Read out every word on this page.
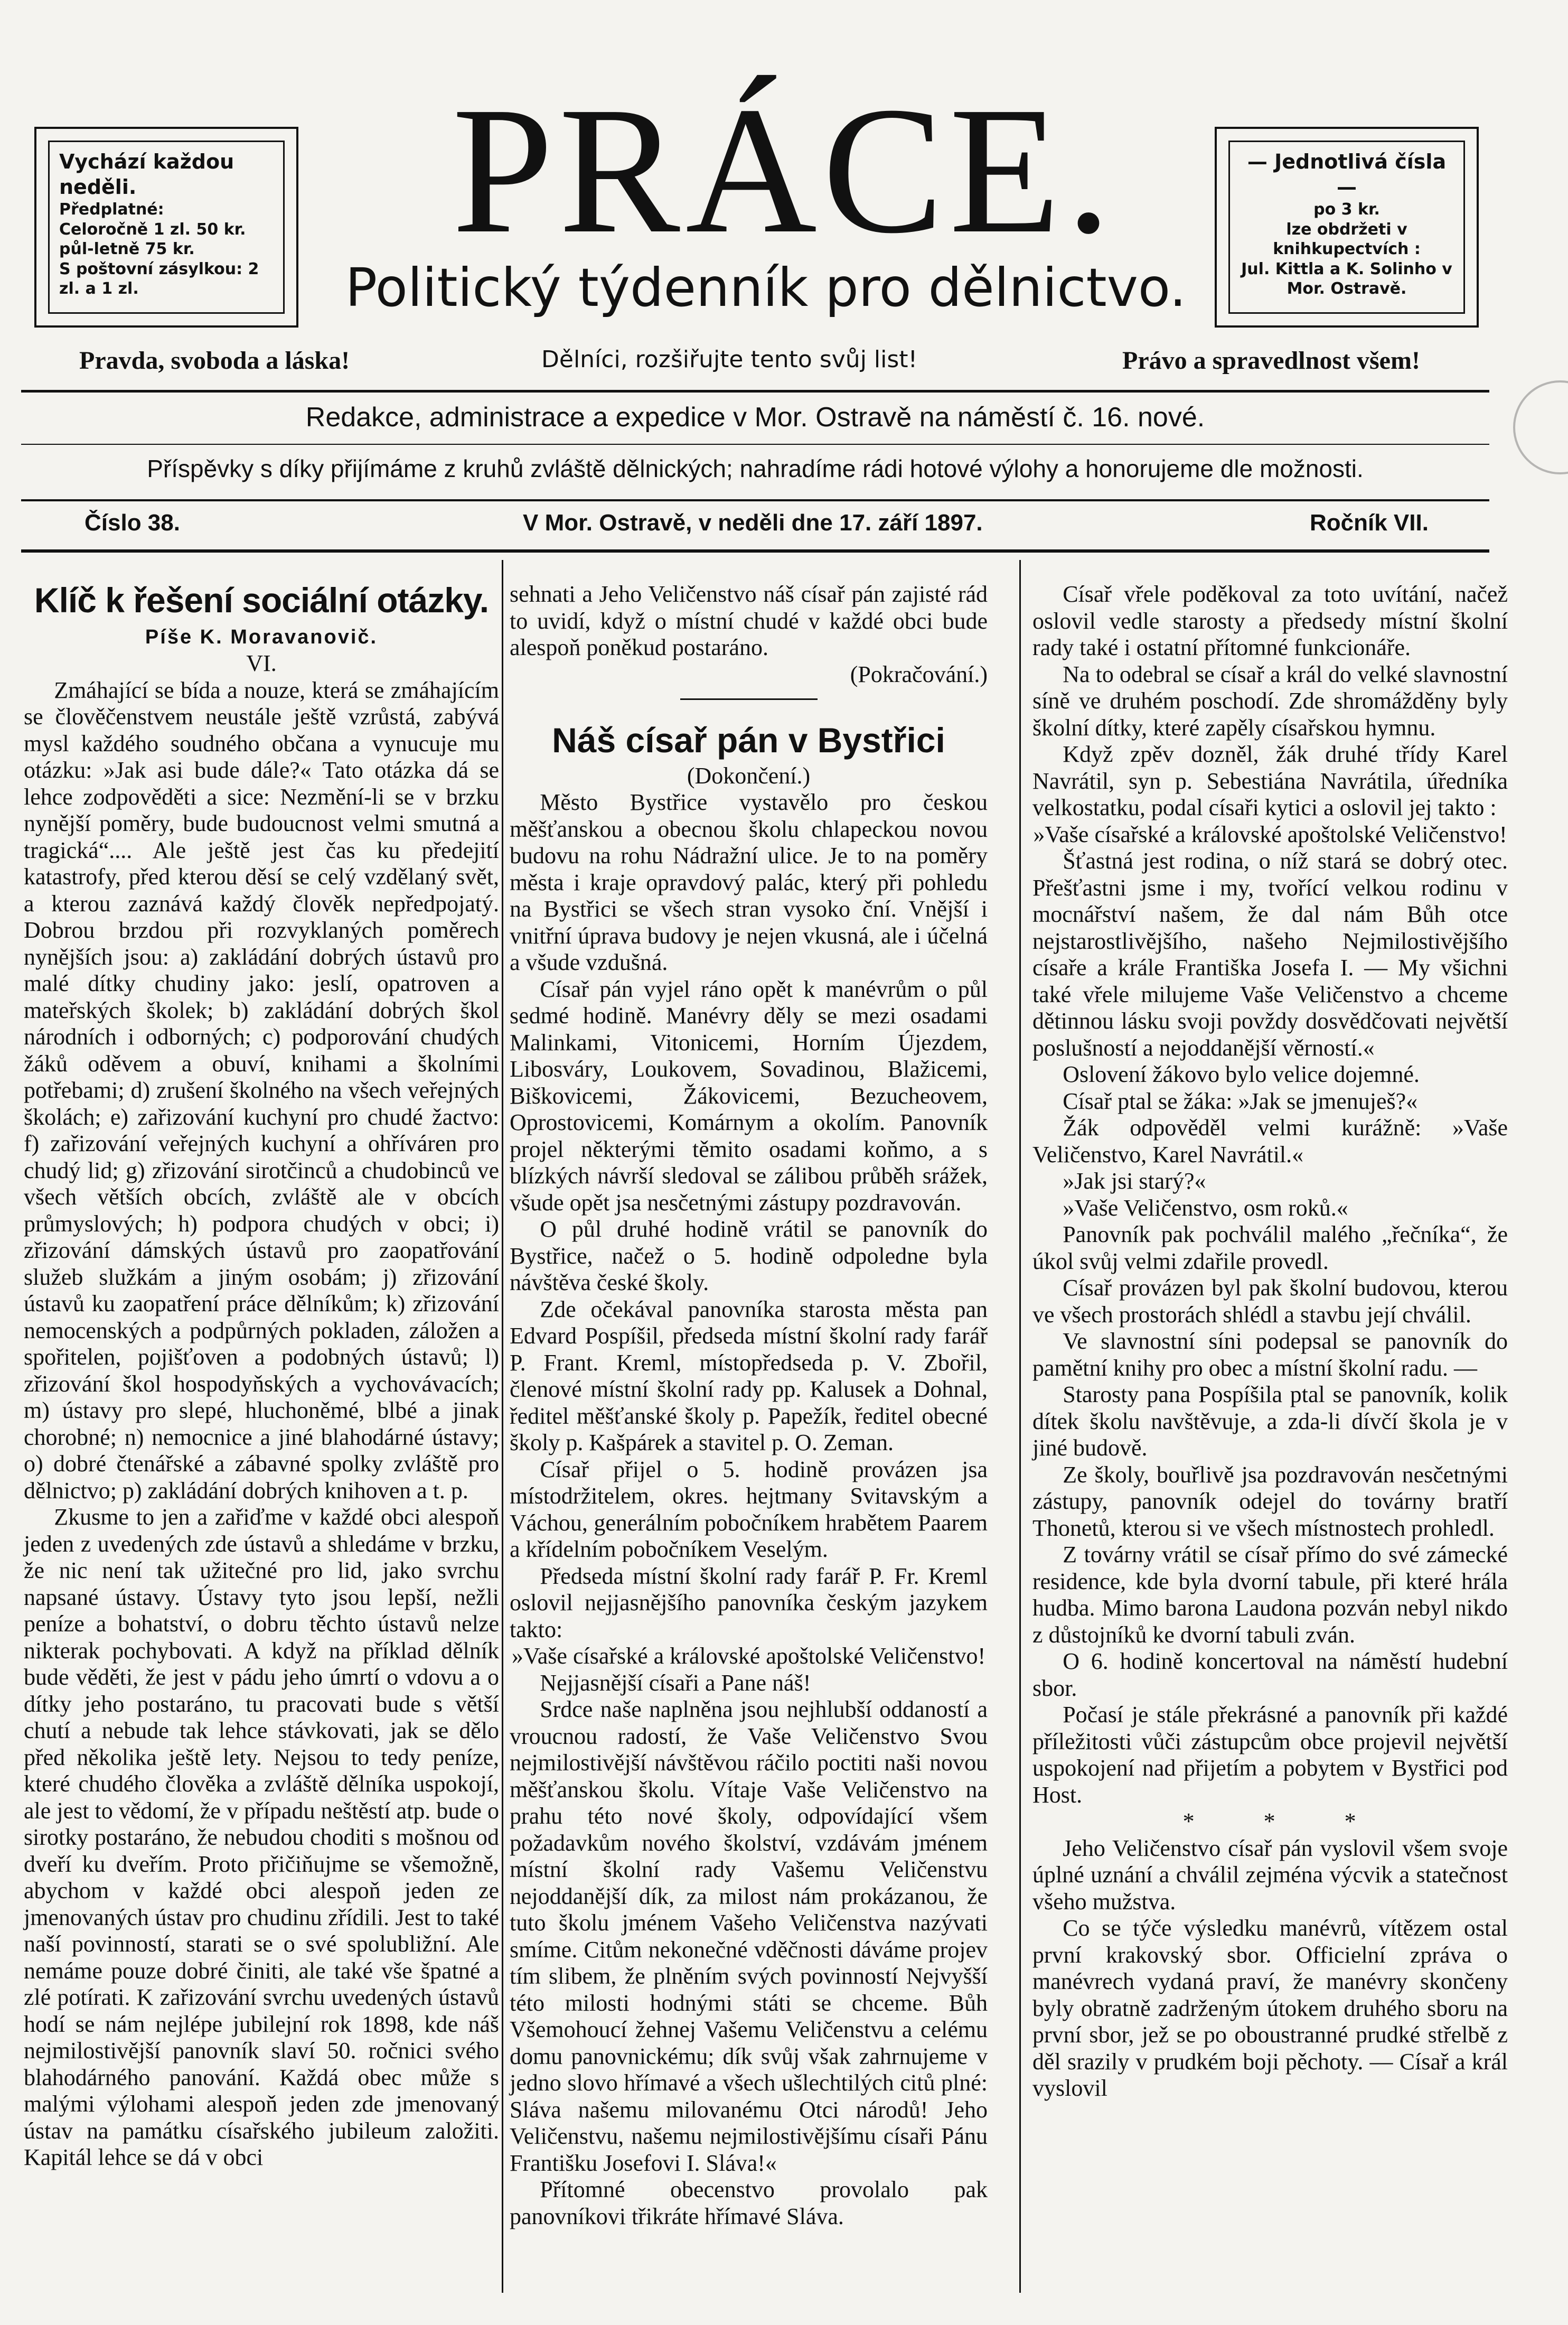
Vychází každou neděli.
Předplatné:
Celoročně 1 zl. 50 kr. půl-letně 75 kr.
S poštovní zásylkou: 2 zl. a 1 zl.
PRÁCE.
Politický týdenník pro dělnictvo.
— Jednotlivá čísla —
po 3 kr.
lze obdržeti v knihkupectvích :
Jul. Kittla a K. Solinho v Mor. Ostravě.
Pravda, svoboda a láska!	Dělníci, rozšiřujte tento svůj list!	Právo a spravedlnost všem!
Redakce, administrace a expedice v Mor. Ostravě na náměstí č. 16. nové.
Příspěvky s díky přijímáme z kruhů zvláště dělnických; nahradíme rádi hotové výlohy a honorujeme dle možnosti.
Číslo 38.	V Mor. Ostravě, v neděli dne 17. září 1897.	Ročník VII.
Klíč k řešení sociální otázky.
Píše K. Moravanovič.
VI.

Zmáhající se bída a nouze, která se zmáhajícím se člověčenstvem neustále ještě vzrůstá, zabývá mysl každého soudného občana a vynucuje mu otázku: »Jak asi bude dále?« Tato otázka dá se lehce zodpověděti a sice: Nezmění-li se v brzku nynější poměry, bude budoucnost velmi smutná a tragická“.... Ale ještě jest čas ku předejití katastrofy, před kterou děsí se celý vzdělaný svět, a kterou zaznává každý člověk nepředpojatý. Dobrou brzdou při rozvyklaných poměrech nynějších jsou: a) zakládání dobrých ústavů pro malé dítky chudiny jako: jeslí, opatroven a mateřských školek; b) zakládání dobrých škol národních i odborných; c) podporování chudých žáků oděvem a obuví, knihami a školními potřebami; d) zrušení školného na všech veřejných školách; e) zařizování kuchyní pro chudé žactvo: f) zařizování veřejných kuchyní a ohříváren pro chudý lid; g) zřizování sirotčinců a chudobinců ve všech větších obcích, zvláště ale v obcích průmyslových; h) podpora chudých v obci; i) zřizování dámských ústavů pro zaopatřování služeb služkám a jiným osobám; j) zřizování ústavů ku zaopatření práce dělníkům; k) zřizování nemocenských a podpůrných pokladen, záložen a spořitelen, pojišťoven a podobných ústavů; l) zřizování škol hospodyňských a vychovávacích; m) ústavy pro slepé, hluchoněmé, blbé a jinak chorobné; n) nemocnice a jiné blahodárné ústavy; o) dobré čtenářské a zábavné spolky zvláště pro dělnictvo; p) zakládání dobrých knihoven a t. p.

Zkusme to jen a zařiďme v každé obci alespoň jeden z uvedených zde ústavů a shledáme v brzku, že nic není tak užitečné pro lid, jako svrchu napsané ústavy. Ústavy tyto jsou lepší, nežli peníze a bohatství, o dobru těchto ústavů nelze nikterak pochybovati. A když na příklad dělník bude věděti, že jest v pádu jeho úmrtí o vdovu a o dítky jeho postaráno, tu pracovati bude s větší chutí a nebude tak lehce stávkovati, jak se dělo před několika ještě lety. Nejsou to tedy peníze, které chudého člověka a zvláště dělníka uspokojí, ale jest to vědomí, že v případu neštěstí atp. bude o sirotky postaráno, že nebudou choditi s mošnou od dveří ku dveřím. Proto přičiňujme se všemožně, abychom v každé obci alespoň jeden ze jmenovaných ústav pro chudinu zřídili. Jest to také naší povinností, starati se o své spolubližní. Ale nemáme pouze dobré činiti, ale také vše špatné a zlé potírati. K zařizování svrchu uvedených ústavů hodí se nám nejlépe jubilejní rok 1898, kde náš nejmilostivější panovník slaví 50. ročnici svého blahodárného panování. Každá obec může s malými výlohami alespoň jeden zde jmenovaný ústav na památku císařského jubileum založiti. Kapitál lehce se dá v obci

sehnati a Jeho Veličenstvo náš císař pán zajisté rád to uvidí, když o místní chudé v každé obci bude alespoň poněkud postaráno.

(Pokračování.)

Náš císař pán v Bystřici

(Dokončení.)

Město Bystřice vystavělo pro českou měšťanskou a obecnou školu chlapeckou novou budovu na rohu Nádražní ulice. Je to na poměry města i kraje opravdový palác, který při pohledu na Bystřici se všech stran vysoko ční. Vnější i vnitřní úprava budovy je nejen vkusná, ale i účelná a všude vzdušná.

Císař pán vyjel ráno opět k manévrům o půl sedmé hodině. Manévry děly se mezi osadami Malinkami, Vitonicemi, Horním Újezdem, Libosváry, Loukovem, Sovadinou, Blažicemi, Biškovicemi, Žákovicemi, Bezucheovem, Oprostovicemi, Komárnym a okolím. Panovník projel některými těmito osadami koňmo, a s blízkých návrší sledoval se zálibou průběh srážek, všude opět jsa nesčetnými zástupy pozdravován.

O půl druhé hodině vrátil se panovník do Bystřice, načež o 5. hodině odpoledne byla návštěva české školy.

Zde očekával panovníka starosta města pan Edvard Pospíšil, předseda místní školní rady farář P. Frant. Kreml, místopředseda p. V. Zbořil, členové místní školní rady pp. Kalusek a Dohnal, ředitel měšťanské školy p. Papežík, ředitel obecné školy p. Kašpárek a stavitel p. O. Zeman.

Císař přijel o 5. hodině provázen jsa místodržitelem, okres. hejtmany Svitavským a Váchou, generálním pobočníkem hrabětem Paarem a křídelním pobočníkem Veselým.

Předseda místní školní rady farář P. Fr. Kreml oslovil nejjasnějšího panovníka českým jazykem takto:

»Vaše císařské a královské apoštolské Veličenstvo!

Nejjasnější císaři a Pane náš!

Srdce naše naplněna jsou nejhlubší oddaností a vroucnou radostí, že Vaše Veličenstvo Svou nejmilostivější návštěvou ráčilo poctiti naši novou měšťanskou školu. Vítaje Vaše Veličenstvo na prahu této nové školy, odpovídající všem požadavkům nového školství, vzdávám jménem místní školní rady Vašemu Veličenstvu nejoddanější dík, za milost nám prokázanou, že tuto školu jménem Vašeho Veličenstva nazývati smíme. Citům nekonečné vděčnosti dáváme projev tím slibem, že plněním svých povinností Nejvyšší této milosti hodnými státi se chceme. Bůh Všemohoucí žehnej Vašemu Veličenstvu a celému domu panovnickému; dík svůj však zahrnujeme v jedno slovo hřímavé a všech ušlechtilých citů plné: Sláva našemu milovanému Otci národů! Jeho Veličenstvu, našemu nejmilostivějšímu císaři Pánu Františku Josefovi I. Sláva!«

Přítomné obecenstvo provolalo pak panovníkovi třikráte hřímavé Sláva.

Císař vřele poděkoval za toto uvítání, načež oslovil vedle starosty a předsedy místní školní rady také i ostatní přítomné funkcionáře.

Na to odebral se císař a král do velké slavnostní síně ve druhém poschodí. Zde shromážděny byly školní dítky, které zapěly císařskou hymnu.

Když zpěv dozněl, žák druhé třídy Karel Navrátil, syn p. Sebestiána Navrátila, úředníka velkostatku, podal císaři kytici a oslovil jej takto :

»Vaše císařské a královské apoštolské Veličenstvo!

Šťastná jest rodina, o níž stará se dobrý otec. Přešťastni jsme i my, tvořící velkou rodinu v mocnářství našem, že dal nám Bůh otce nejstarostlivějšího, našeho Nejmilostivějšího císaře a krále Františka Josefa I. — My všichni také vřele milujeme Vaše Veličenstvo a chceme dětinnou lásku svoji povždy dosvědčovati největší poslušností a nejoddanější věrností.«

Oslovení žákovo bylo velice dojemné.

Císař ptal se žáka: »Jak se jmenuješ?«

Žák odpověděl velmi kurážně: »Vaše Veličenstvo, Karel Navrátil.«

»Jak jsi starý?«

»Vaše Veličenstvo, osm roků.«

Panovník pak pochválil malého „řečníka“, že úkol svůj velmi zdařile provedl.

Císař provázen byl pak školní budovou, kterou ve všech prostorách shlédl a stavbu její chválil.

Ve slavnostní síni podepsal se panovník do pamětní knihy pro obec a místní školní radu. —

Starosty pana Pospíšila ptal se panovník, kolik dítek školu navštěvuje, a zda-li dívčí škola je v jiné budově.

Ze školy, bouřlivě jsa pozdravován nesčetnými zástupy, panovník odejel do továrny bratří Thonetů, kterou si ve všech místnostech prohledl.

Z továrny vrátil se císař přímo do své zámecké residence, kde byla dvorní tabule, při které hrála hudba. Mimo barona Laudona pozván nebyl nikdo z důstojníků ke dvorní tabuli zván.

O 6. hodině koncertoval na náměstí hudební sbor.

Počasí je stále překrásné a panovník při každé příležitosti vůči zástupcům obce projevil největší uspokojení nad přijetím a pobytem v Bystřici pod Host.

* * *

Jeho Veličenstvo císař pán vyslovil všem svoje úplné uznání a chválil zejména výcvik a statečnost všeho mužstva.

Co se týče výsledku manévrů, vítězem ostal první krakovský sbor. Officielní zpráva o manévrech vydaná praví, že manévry skončeny byly obratně zadrženým útokem druhého sboru na první sbor, jež se po oboustranné prudké střelbě z děl srazily v prudkém boji pěchoty. — Císař a král vyslovil
